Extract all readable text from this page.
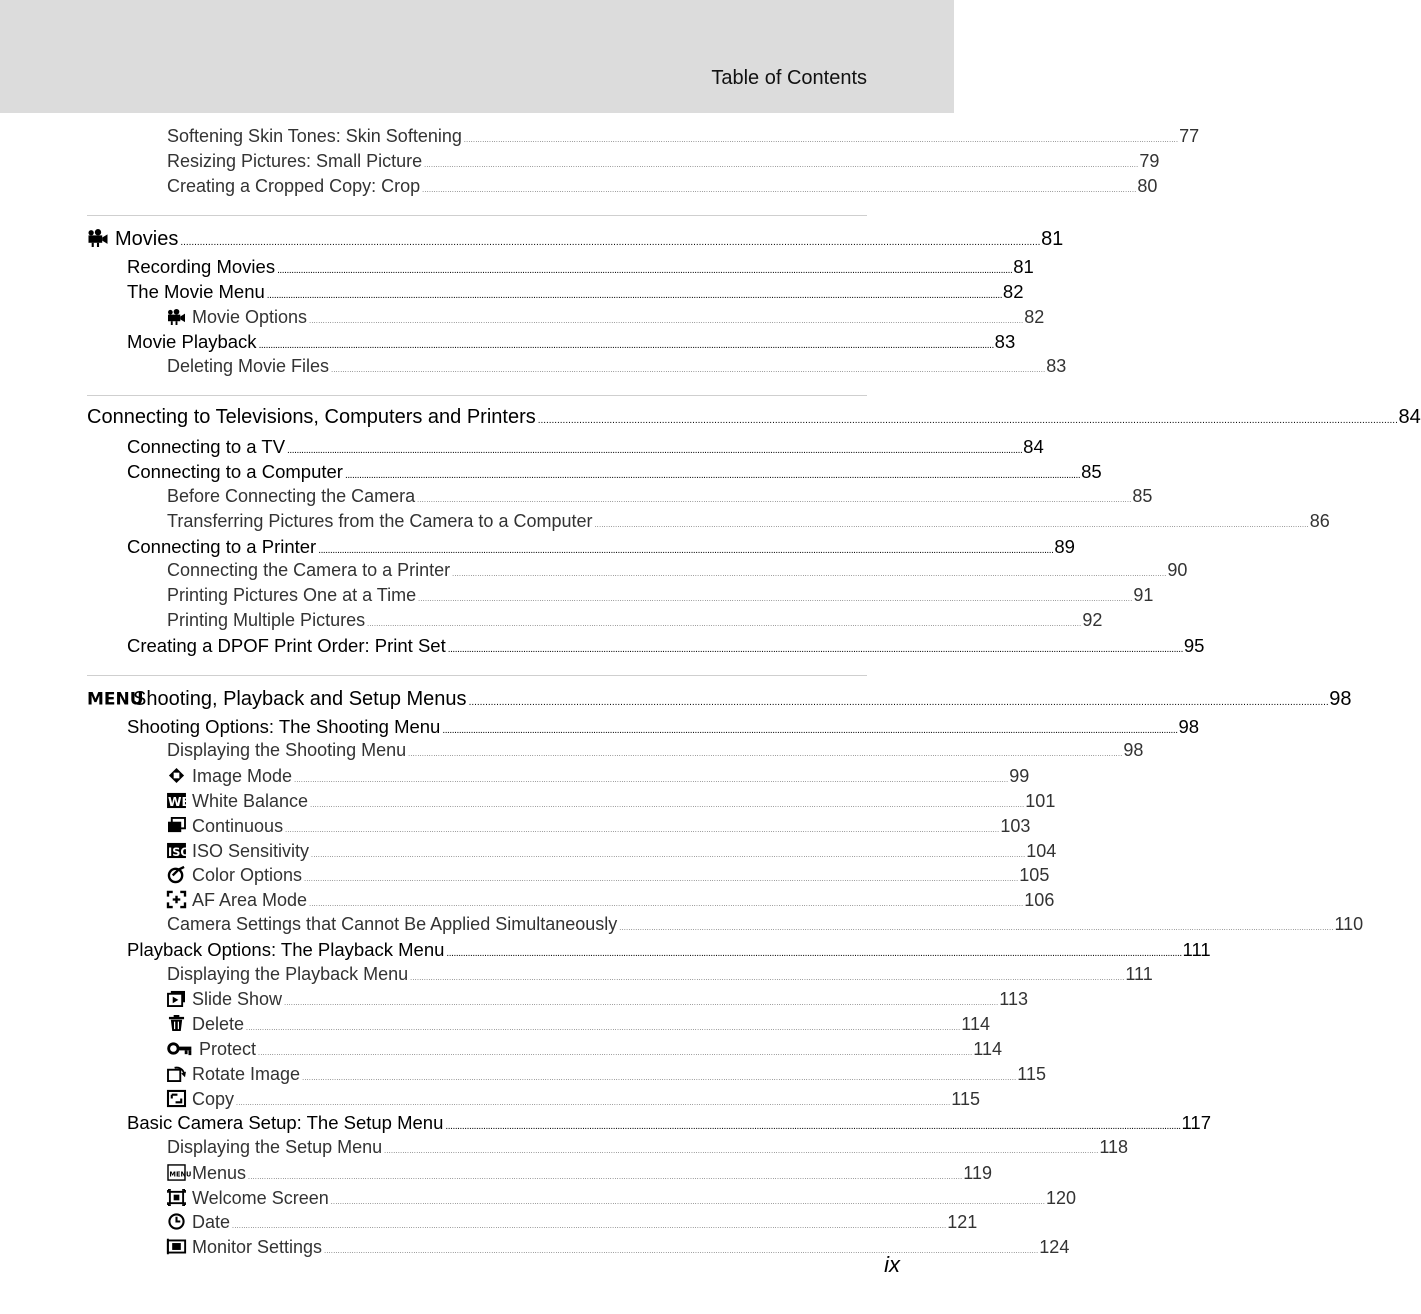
Table of Contents
Softening Skin Tones: Skin Softening . . .	77
Resizing Pictures: Small Picture . . .	79
Creating a Cropped Copy: Crop . . .	80
Movies . . .	81
Recording Movies . . .	81
The Movie Menu . . .	82
Movie Options . . .	82
Movie Playback . . .	83
Deleting Movie Files . . .	83
Connecting to Televisions, Computers and Printers . . .	84
Connecting to a TV . . .	84
Connecting to a Computer . . .	85
Before Connecting the Camera . . .	85
Transferring Pictures from the Camera to a Computer . . .	86
Connecting to a Printer . . .	89
Connecting the Camera to a Printer . . .	90
Printing Pictures One at a Time . . .	91
Printing Multiple Pictures . . .	92
Creating a DPOF Print Order: Print Set . . .	95
MENU
Shooting, Playback and Setup Menus . . .	98
Shooting Options: The Shooting Menu . . .	98
Displaying the Shooting Menu . . .	98
Image Mode . . .	99
WB White Balance . . .	101
Continuous . . .	103
ISO ISO Sensitivity . . .	104
Color Options . . .	105
AF Area Mode . . .	106
Camera Settings that Cannot Be Applied Simultaneously . . .	110
Playback Options: The Playback Menu . . .	111
Displaying the Playback Menu . . .	111
Slide Show . . .	113
Delete . . .	114
Protect . . .	114
Rotate Image . . .	115
Copy . . .	115
Basic Camera Setup: The Setup Menu . . .	117
Displaying the Setup Menu . . .	118
MENU Menus . . .	119
Welcome Screen . . .	120
Date . . .	121
Monitor Settings . . .	124
ix
